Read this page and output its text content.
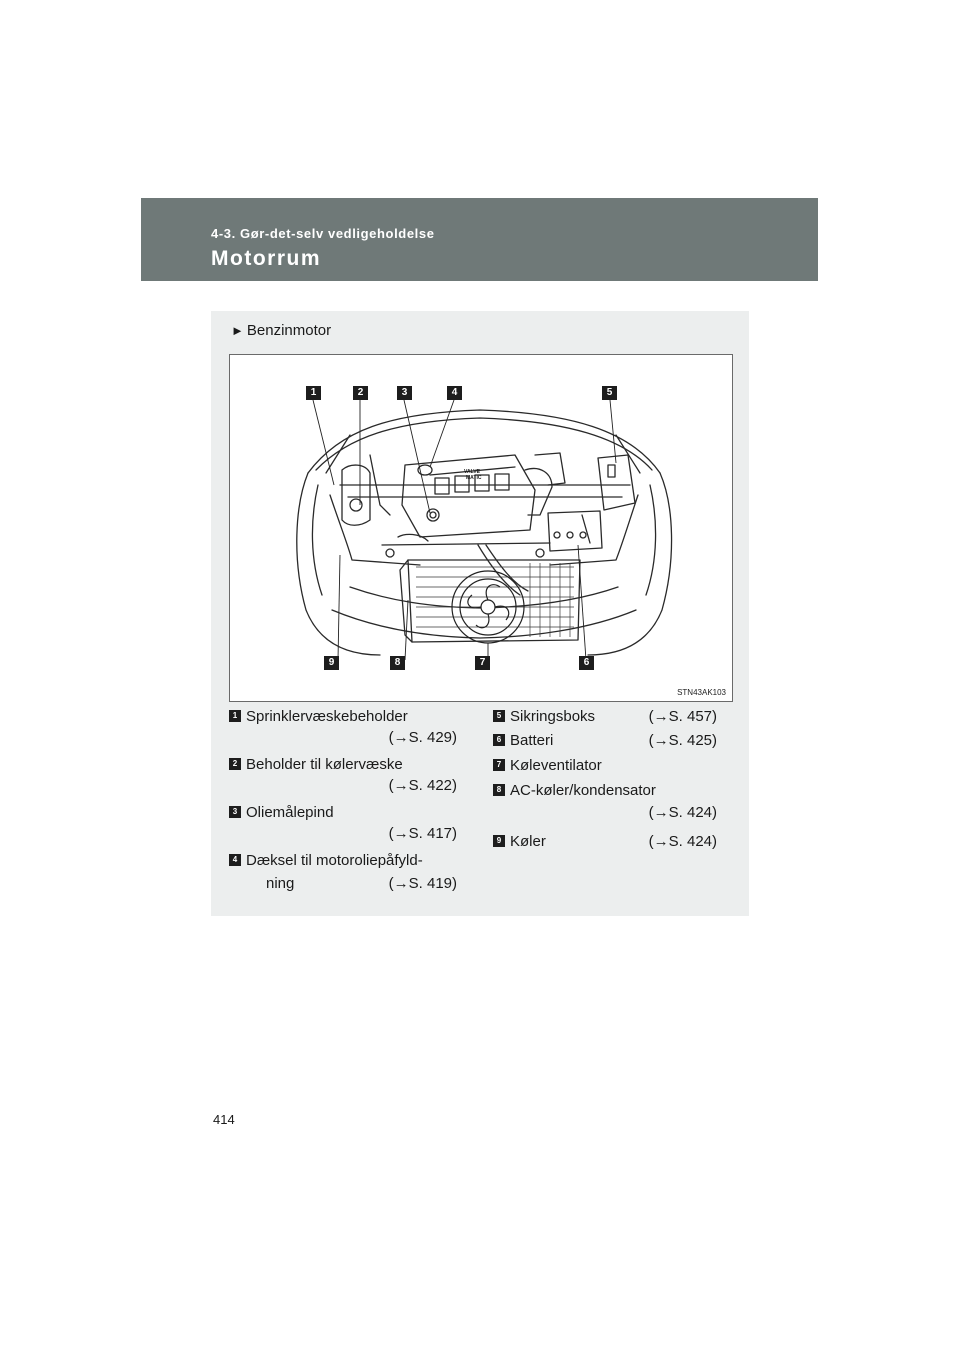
4-3. Gør-det-selv vedligeholdelse
Motorrum
► Benzinmotor
VALVE
MATIC
1	2	3	4	5
6
7
8
9
STN43AK103
1 Sprinklervæskebeholder
(→S. 429)
2 Beholder til kølervæske
(→S. 422)
3 Oliemålepind
(→S. 417)
4 Dæksel til motoroliepåfyld-
ning	(→S. 419)
5 Sikringsboks	(→S. 457)
6 Batteri	(→S. 425)
7 Køleventilator
8 AC-køler/kondensator
(→S. 424)
9 Køler	(→S. 424)
414
